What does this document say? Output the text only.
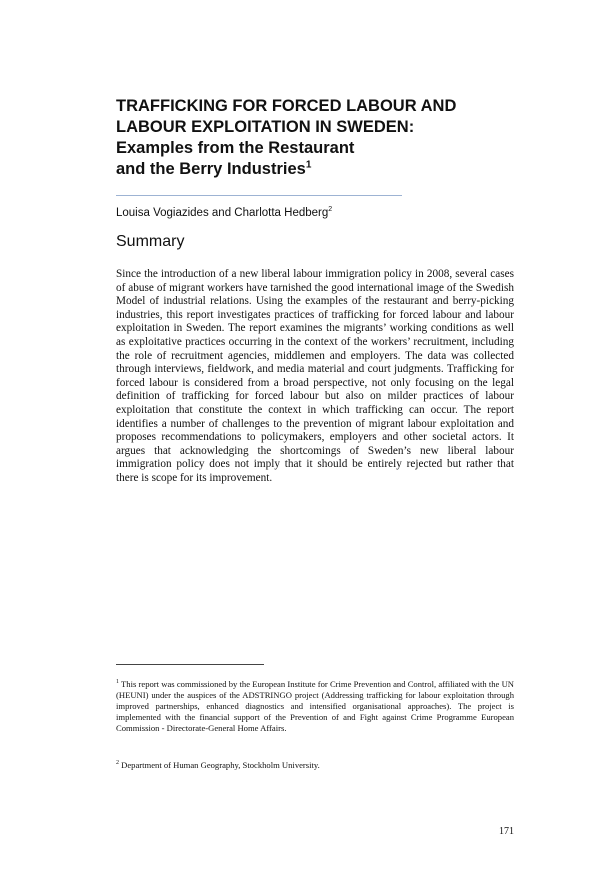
TRAFFICKING FOR FORCED LABOUR AND
LABOUR EXPLOITATION IN SWEDEN:
Examples from the Restaurant
and the Berry Industries$^1$
Louisa Vogiazides and Charlotta Hedberg$^2$
Summary

Since the introduction of a new liberal labour immigration policy in 2008, several cases of abuse of migrant workers have tarnished the good international image of the Swedish Model of industrial relations. Using the examples of the restaurant and berry-picking industries, this report investigates practices of trafficking for forced labour and labour exploitation in Sweden. The report examines the migrants’ working conditions as well as exploitative practices occurring in the context of the workers’ recruitment, including the role of recruitment agencies, middlemen and employers. The data was collected through interviews, fieldwork, and media material and court judgments. Trafficking for forced labour is considered from a broad perspective, not only focusing on the legal definition of trafficking for forced labour but also on milder practices of labour exploitation that constitute the context in which trafficking can occur. The report identifies a number of challenges to the prevention of migrant labour exploitation and proposes recommendations to policymakers, employers and other societal actors. It argues that acknowledging the shortcomings of Sweden’s new liberal labour immigration policy does not imply that it should be entirely rejected but rather that there is scope for its improvement.

$^1$ This report was commissioned by the European Institute for Crime Prevention and Control, affiliated with the UN (HEUNI) under the auspices of the ADSTRINGO project (Addressing trafficking for labour exploitation through improved partnerships, enhanced diagnostics and intensified organisational approaches). The project is implemented with the financial support of the Prevention of and Fight against Crime Programme European Commission - Directorate-General Home Affairs.

$^2$ Department of Human Geography, Stockholm University.

171
